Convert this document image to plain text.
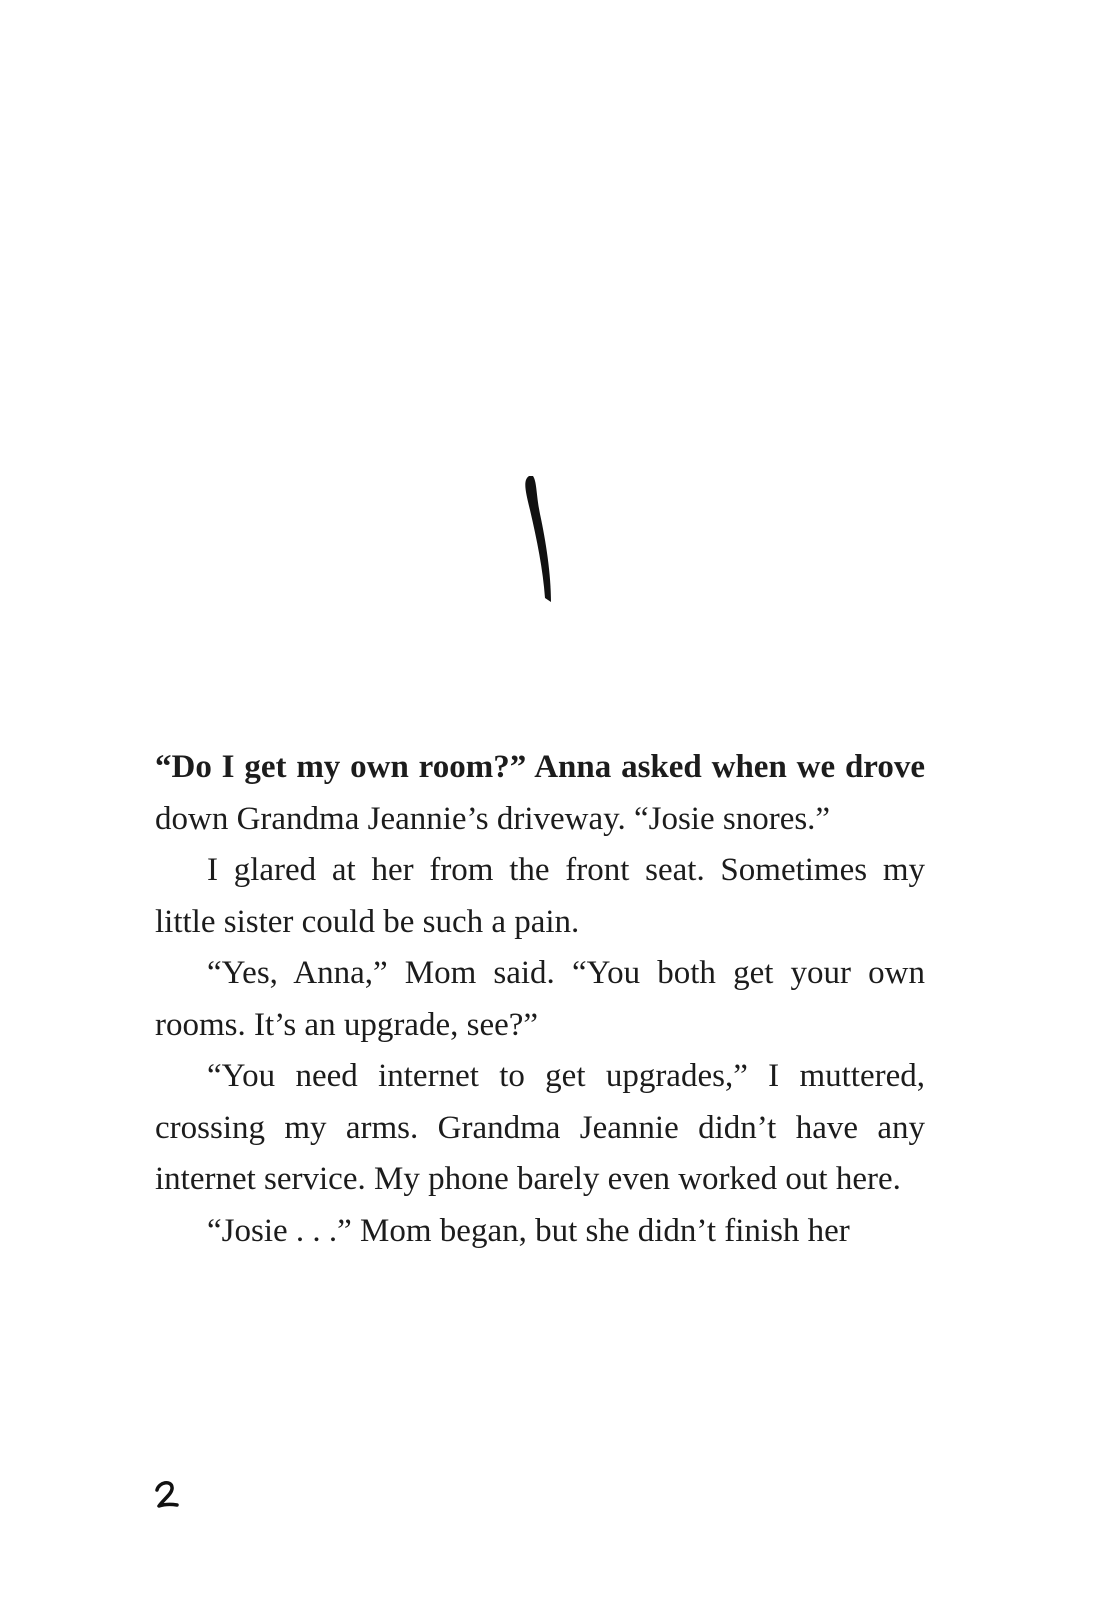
“Do I get my own room?” Anna asked when we drove down Grandma Jeannie’s driveway. “Josie snores.”

I glared at her from the front seat. Sometimes my little sister could be such a pain.

“Yes, Anna,” Mom said. “You both get your own rooms. It’s an upgrade, see?”

“You need internet to get upgrades,” I muttered, crossing my arms. Grandma Jeannie didn’t have any internet service. My phone barely even worked out here.

“Josie . . .” Mom began, but she didn’t finish her
